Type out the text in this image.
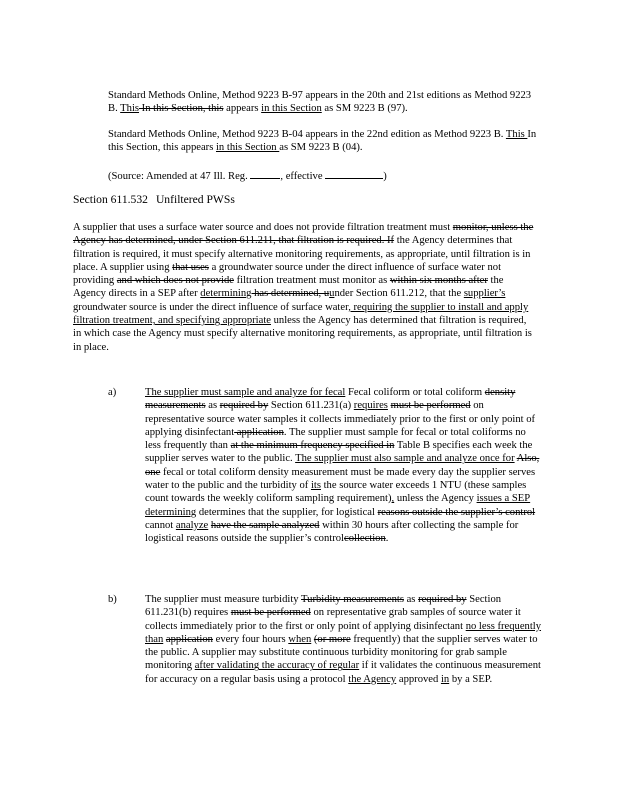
Standard Methods Online, Method 9223 B-97 appears in the 20th and 21st editions as Method 9223 B. This In this Section, this appears in this Section as SM 9223 B (97).

Standard Methods Online, Method 9223 B-04 appears in the 22nd edition as Method 9223 B. This In this Section, this appears in this Section as SM 9223 B (04).

(Source: Amended at 47 Ill. Reg.	, effective	)

Section 611.532 Unfiltered PWSs

A supplier that uses a surface water source and does not provide filtration treatment must monitor, unless the Agency has determined, under Section 611.211, that filtration is required. If the Agency determines that filtration is required, it must specify alternative monitoring requirements, as appropriate, until filtration is in place. A supplier using that uses a groundwater source under the direct influence of surface water not providing and which does not provide filtration treatment must monitor as within six months after the Agency directs in a SEP after determining has determined, uunder Section 611.212, that the supplier’s groundwater source is under the direct influence of surface water, requiring the supplier to install and apply filtration treatment, and specifying appropriate unless the Agency has determined that filtration is required, in which case the Agency must specify alternative monitoring requirements, as appropriate, until filtration is in place.

a)	The supplier must sample and analyze for fecal Fecal coliform or total coliform density measurements as required by Section 611.231(a) requires must be performed on representative source water samples it collects immediately prior to the first or only point of applying disinfectant application. The supplier must sample for fecal or total coliforms no less frequently than at the minimum frequency specified in Table B specifies each week the supplier serves water to the public. The supplier must also sample and analyze once for Also, one fecal or total coliform density measurement must be made every day the supplier serves water to the public and the turbidity of its the source water exceeds 1 NTU (these samples count towards the weekly coliform sampling requirement), unless the Agency issues a SEP determining determines that the supplier, for logistical reasons outside the supplier’s control cannot analyze have the sample analyzed within 30 hours after collecting the sample for logistical reasons outside the supplier’s controlcollection.

b)	The supplier must measure turbidity Turbidity measurements as required by Section 611.231(b) requires must be performed on representative grab samples of source water it collects immediately prior to the first or only point of applying disinfectant no less frequently than application every four hours when (or more frequently) that the supplier serves water to the public. A supplier may substitute continuous turbidity monitoring for grab sample monitoring after validating the accuracy of regular if it validates the continuous measurement for accuracy on a regular basis using a protocol the Agency approved in by a SEP.
